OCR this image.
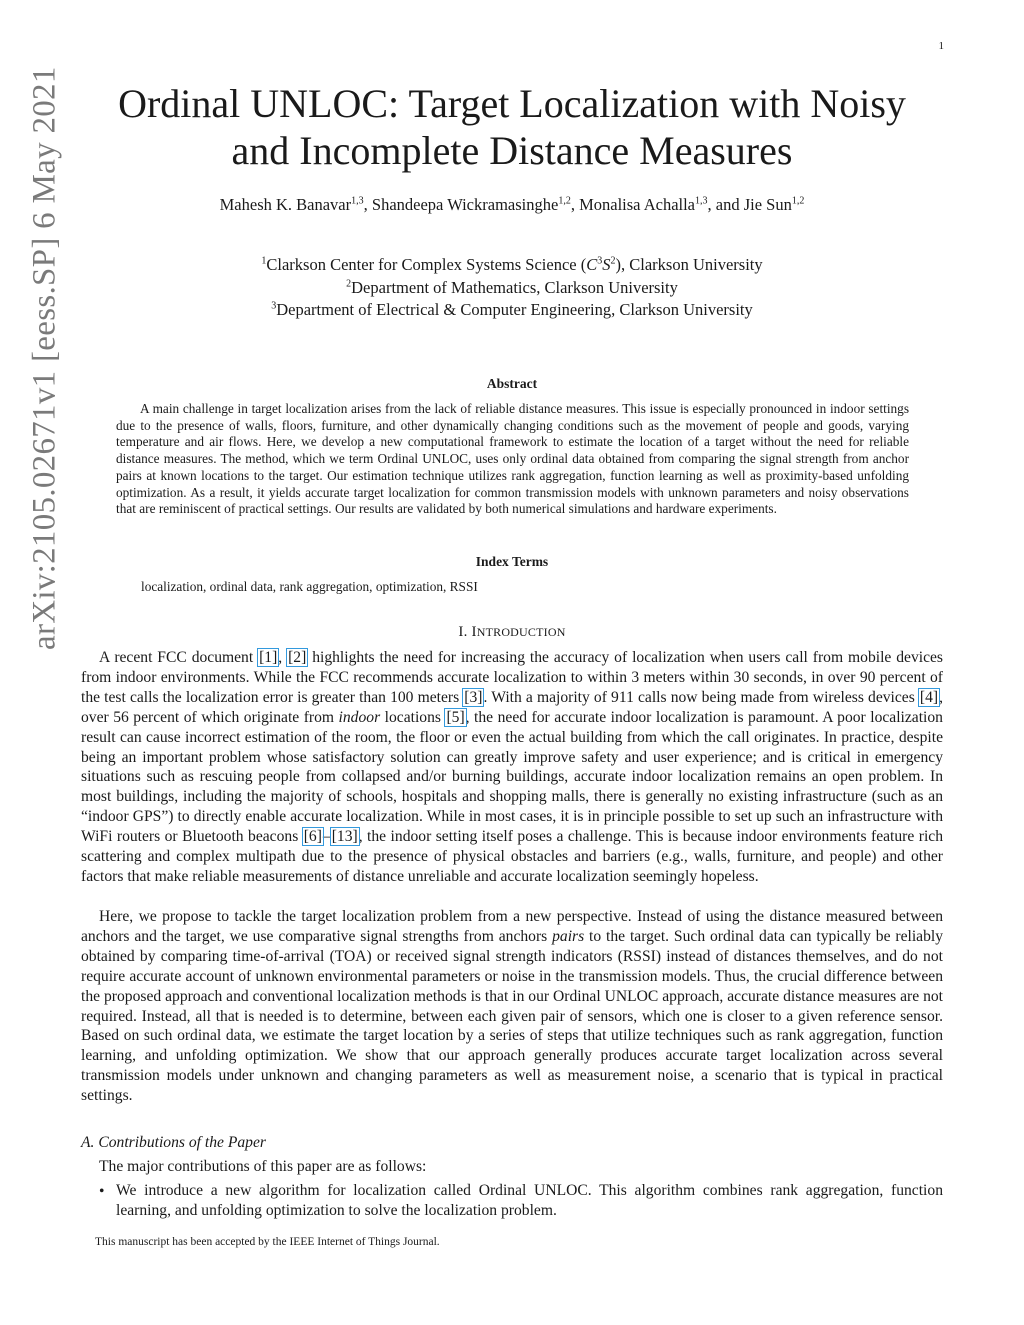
1
Ordinal UNLOC: Target Localization with Noisy
and Incomplete Distance Measures
Mahesh K. Banavar$^{1,3}$, Shandeepa Wickramasinghe$^{1,2}$, Monalisa Achalla$^{1,3}$, and Jie Sun$^{1,2}$
$^1$Clarkson Center for Complex Systems Science $(C^3S^2)$, Clarkson University
$^2$Department of Mathematics, Clarkson University
$^3$Department of Electrical & Computer Engineering, Clarkson University
arXiv:2105.02671v1 [eess.SP] 6 May 2021	Abstract

A main challenge in target localization arises from the lack of reliable distance measures. This issue is especially pronounced in indoor settings due to the presence of walls, floors, furniture, and other dynamically changing conditions such as the movement of people and goods, varying temperature and air flows. Here, we develop a new computational framework to estimate the location of a target without the need for reliable distance measures. The method, which we term Ordinal UNLOC, uses only ordinal data obtained from comparing the signal strength from anchor pairs at known locations to the target. Our estimation technique utilizes rank aggregation, function learning as well as proximity-based unfolding optimization. As a result, it yields accurate target localization for common transmission models with unknown parameters and noisy observations that are reminiscent of practical settings. Our results are validated by both numerical simulations and hardware experiments.

Index Terms
localization, ordinal data, rank aggregation, optimization, RSSI
I. INTRODUCTION

A recent FCC document [1], [2] highlights the need for increasing the accuracy of localization when users call from mobile devices from indoor environments. While the FCC recommends accurate localization to within 3 meters within 30 seconds, in over 90 percent of the test calls the localization error is greater than 100 meters [3]. With a majority of 911 calls now being made from wireless devices [4], over 56 percent of which originate from indoor locations [5], the need for accurate indoor localization is paramount. A poor localization result can cause incorrect estimation of the room, the floor or even the actual building from which the call originates. In practice, despite being an important problem whose satisfactory solution can greatly improve safety and user experience; and is critical in emergency situations such as rescuing people from collapsed and/or burning buildings, accurate indoor localization remains an open problem. In most buildings, including the majority of schools, hospitals and shopping malls, there is generally no existing infrastructure (such as an “indoor GPS”) to directly enable accurate localization. While in most cases, it is in principle possible to set up such an infrastructure with WiFi routers or Bluetooth beacons [6]–[13], the indoor setting itself poses a challenge. This is because indoor environments feature rich scattering and complex multipath due to the presence of physical obstacles and barriers (e.g., walls, furniture, and people) and other factors that make reliable measurements of distance unreliable and accurate localization seemingly hopeless.

Here, we propose to tackle the target localization problem from a new perspective. Instead of using the distance measured between anchors and the target, we use comparative signal strengths from anchors pairs to the target. Such ordinal data can typically be reliably obtained by comparing time-of-arrival (TOA) or received signal strength indicators (RSSI) instead of distances themselves, and do not require accurate account of unknown environmental parameters or noise in the transmission models. Thus, the crucial difference between the proposed approach and conventional localization methods is that in our Ordinal UNLOC approach, accurate distance measures are not required. Instead, all that is needed is to determine, between each given pair of sensors, which one is closer to a given reference sensor. Based on such ordinal data, we estimate the target location by a series of steps that utilize techniques such as rank aggregation, function learning, and unfolding optimization. We show that our approach generally produces accurate target localization across several transmission models under unknown and changing parameters as well as measurement noise, a scenario that is typical in practical settings.

A. Contributions of the Paper
The major contributions of this paper are as follows:
• We introduce a new algorithm for localization called Ordinal UNLOC. This algorithm combines rank aggregation, function learning, and unfolding optimization to solve the localization problem.

This manuscript has been accepted by the IEEE Internet of Things Journal.
